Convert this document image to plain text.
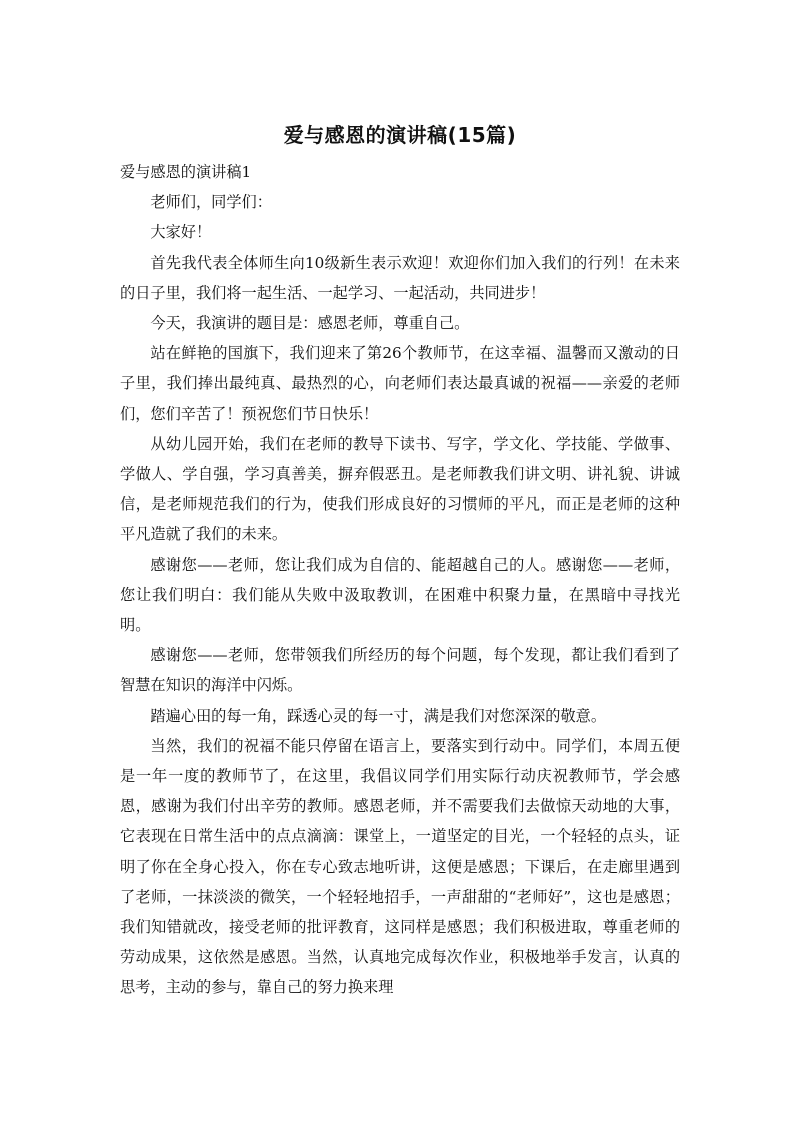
爱与感恩的演讲稿(15篇)

爱与感恩的演讲稿1

老师们，同学们：

大家好！

首先我代表全体师生向10级新生表示欢迎！欢迎你们加入我们的行列！在未来的日子里，我们将一起生活、一起学习、一起活动，共同进步！

今天，我演讲的题目是：感恩老师，尊重自己。

站在鲜艳的国旗下，我们迎来了第26个教师节，在这幸福、温馨而又激动的日子里，我们捧出最纯真、最热烈的心，向老师们表达最真诚的祝福——亲爱的老师们，您们辛苦了！预祝您们节日快乐！

从幼儿园开始，我们在老师的教导下读书、写字，学文化、学技能、学做事、学做人、学自强，学习真善美，摒弃假恶丑。是老师教我们讲文明、讲礼貌、讲诚信，是老师规范我们的行为，使我们形成良好的习惯师的平凡，而正是老师的这种平凡造就了我们的未来。

感谢您——老师，您让我们成为自信的、能超越自己的人。感谢您——老师，您让我们明白：我们能从失败中汲取教训，在困难中积聚力量，在黑暗中寻找光明。

感谢您——老师，您带领我们所经历的每个问题，每个发现，都让我们看到了智慧在知识的海洋中闪烁。

踏遍心田的每一角，踩透心灵的每一寸，满是我们对您深深的敬意。

当然，我们的祝福不能只停留在语言上，要落实到行动中。同学们，本周五便是一年一度的教师节了，在这里，我倡议同学们用实际行动庆祝教师节，学会感恩，感谢为我们付出辛劳的教师。感恩老师，并不需要我们去做惊天动地的大事，它表现在日常生活中的点点滴滴：课堂上，一道坚定的目光，一个轻轻的点头，证明了你在全身心投入，你在专心致志地听讲，这便是感恩；下课后，在走廊里遇到了老师，一抹淡淡的微笑，一个轻轻地招手，一声甜甜的“老师好”，这也是感恩；我们知错就改，接受老师的批评教育，这同样是感恩；我们积极进取，尊重老师的劳动成果，这依然是感恩。当然，认真地完成每次作业，积极地举手发言，认真的思考，主动的参与，靠自己的努力换来理
